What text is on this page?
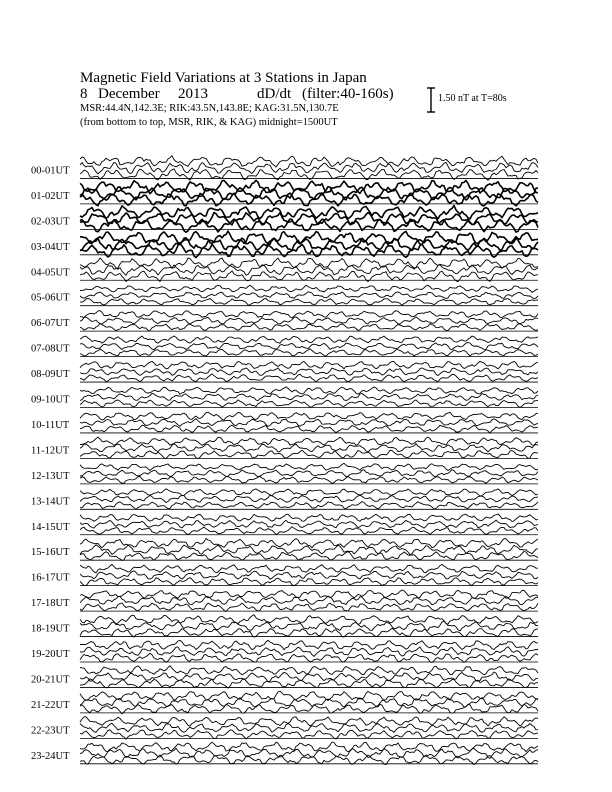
Magnetic Field Variations at 3 Stations in Japan
8 December 2013	dD/dt (filter:40-160s)
MSR:44.4N,142.3E; RIK:43.5N,143.8E; KAG:31.5N,130.7E
(from bottom to top, MSR, RIK, & KAG) midnight=1500UT
1.50 nT at T=80s
00-01UT
01-02UT
02-03UT
03-04UT
04-05UT
05-06UT
06-07UT
07-08UT
08-09UT
09-10UT
10-11UT
11-12UT
12-13UT
13-14UT
14-15UT
15-16UT
16-17UT
17-18UT
18-19UT
19-20UT
20-21UT
21-22UT
22-23UT
23-24UT
